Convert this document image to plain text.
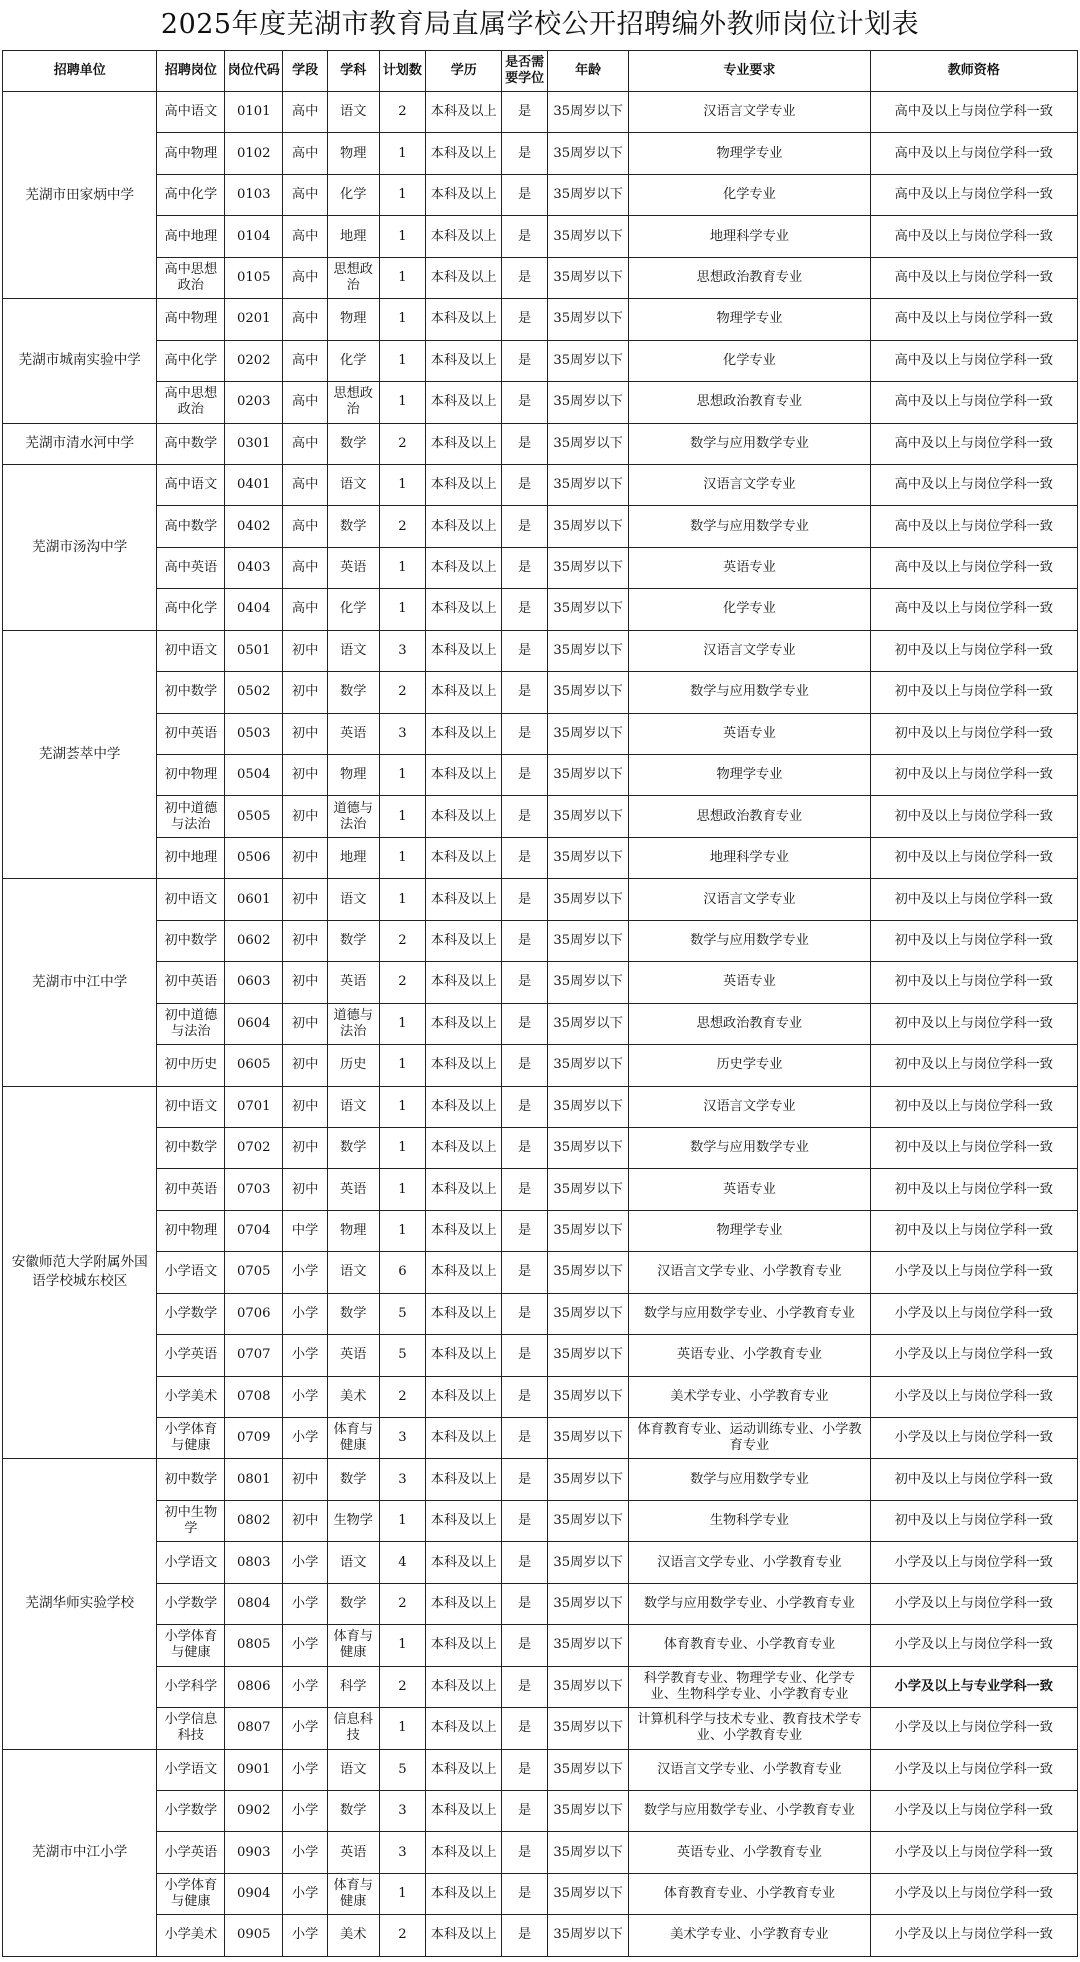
2025年度芜湖市教育局直属学校公开招聘编外教师岗位计划表
招聘单位	招聘岗位	岗位代码	学段	学科	计划数	学历	是否需要学位	年龄	专业要求	教师资格
芜湖市田家炳中学	高中语文	0101	高中	语文	2	本科及以上	是	35周岁以下	汉语言文学专业	高中及以上与岗位学科一致
	高中物理	0102	高中	物理	1	本科及以上	是	35周岁以下	物理学专业	高中及以上与岗位学科一致
	高中化学	0103	高中	化学	1	本科及以上	是	35周岁以下	化学专业	高中及以上与岗位学科一致
	高中地理	0104	高中	地理	1	本科及以上	是	35周岁以下	地理科学专业	高中及以上与岗位学科一致
	高中思想政治	0105	高中	思想政治	1	本科及以上	是	35周岁以下	思想政治教育专业	高中及以上与岗位学科一致
芜湖市城南实验中学	高中物理	0201	高中	物理	1	本科及以上	是	35周岁以下	物理学专业	高中及以上与岗位学科一致
	高中化学	0202	高中	化学	1	本科及以上	是	35周岁以下	化学专业	高中及以上与岗位学科一致
	高中思想政治	0203	高中	思想政治	1	本科及以上	是	35周岁以下	思想政治教育专业	高中及以上与岗位学科一致
芜湖市清水河中学	高中数学	0301	高中	数学	2	本科及以上	是	35周岁以下	数学与应用数学专业	高中及以上与岗位学科一致
芜湖市汤沟中学	高中语文	0401	高中	语文	1	本科及以上	是	35周岁以下	汉语言文学专业	高中及以上与岗位学科一致
	高中数学	0402	高中	数学	2	本科及以上	是	35周岁以下	数学与应用数学专业	高中及以上与岗位学科一致
	高中英语	0403	高中	英语	1	本科及以上	是	35周岁以下	英语专业	高中及以上与岗位学科一致
	高中化学	0404	高中	化学	1	本科及以上	是	35周岁以下	化学专业	高中及以上与岗位学科一致
芜湖荟萃中学	初中语文	0501	初中	语文	3	本科及以上	是	35周岁以下	汉语言文学专业	初中及以上与岗位学科一致
	初中数学	0502	初中	数学	2	本科及以上	是	35周岁以下	数学与应用数学专业	初中及以上与岗位学科一致
	初中英语	0503	初中	英语	3	本科及以上	是	35周岁以下	英语专业	初中及以上与岗位学科一致
	初中物理	0504	初中	物理	1	本科及以上	是	35周岁以下	物理学专业	初中及以上与岗位学科一致
	初中道德与法治	0505	初中	道德与法治	1	本科及以上	是	35周岁以下	思想政治教育专业	初中及以上与岗位学科一致
	初中地理	0506	初中	地理	1	本科及以上	是	35周岁以下	地理科学专业	初中及以上与岗位学科一致
芜湖市中江中学	初中语文	0601	初中	语文	1	本科及以上	是	35周岁以下	汉语言文学专业	初中及以上与岗位学科一致
	初中数学	0602	初中	数学	2	本科及以上	是	35周岁以下	数学与应用数学专业	初中及以上与岗位学科一致
	初中英语	0603	初中	英语	2	本科及以上	是	35周岁以下	英语专业	初中及以上与岗位学科一致
	初中道德与法治	0604	初中	道德与法治	1	本科及以上	是	35周岁以下	思想政治教育专业	初中及以上与岗位学科一致
	初中历史	0605	初中	历史	1	本科及以上	是	35周岁以下	历史学专业	初中及以上与岗位学科一致
安徽师范大学附属外国语学校城东校区	初中语文	0701	初中	语文	1	本科及以上	是	35周岁以下	汉语言文学专业	初中及以上与岗位学科一致
	初中数学	0702	初中	数学	1	本科及以上	是	35周岁以下	数学与应用数学专业	初中及以上与岗位学科一致
	初中英语	0703	初中	英语	1	本科及以上	是	35周岁以下	英语专业	初中及以上与岗位学科一致
	初中物理	0704	中学	物理	1	本科及以上	是	35周岁以下	物理学专业	初中及以上与岗位学科一致
	小学语文	0705	小学	语文	6	本科及以上	是	35周岁以下	汉语言文学专业、小学教育专业	小学及以上与岗位学科一致
	小学数学	0706	小学	数学	5	本科及以上	是	35周岁以下	数学与应用数学专业、小学教育专业	小学及以上与岗位学科一致
	小学英语	0707	小学	英语	5	本科及以上	是	35周岁以下	英语专业、小学教育专业	小学及以上与岗位学科一致
	小学美术	0708	小学	美术	2	本科及以上	是	35周岁以下	美术学专业、小学教育专业	小学及以上与岗位学科一致
	小学体育与健康	0709	小学	体育与健康	3	本科及以上	是	35周岁以下	体育教育专业、运动训练专业、小学教育专业	小学及以上与岗位学科一致
芜湖华师实验学校	初中数学	0801	初中	数学	3	本科及以上	是	35周岁以下	数学与应用数学专业	初中及以上与岗位学科一致
	初中生物学	0802	初中	生物学	1	本科及以上	是	35周岁以下	生物科学专业	初中及以上与岗位学科一致
	小学语文	0803	小学	语文	4	本科及以上	是	35周岁以下	汉语言文学专业、小学教育专业	小学及以上与岗位学科一致
	小学数学	0804	小学	数学	2	本科及以上	是	35周岁以下	数学与应用数学专业、小学教育专业	小学及以上与岗位学科一致
	小学体育与健康	0805	小学	体育与健康	1	本科及以上	是	35周岁以下	体育教育专业、小学教育专业	小学及以上与岗位学科一致
	小学科学	0806	小学	科学	2	本科及以上	是	35周岁以下	科学教育专业、物理学专业、化学专业、生物科学专业、小学教育专业	小学及以上与专业学科一致
	小学信息科技	0807	小学	信息科技	1	本科及以上	是	35周岁以下	计算机科学与技术专业、教育技术学专业、小学教育专业	小学及以上与岗位学科一致
芜湖市中江小学	小学语文	0901	小学	语文	5	本科及以上	是	35周岁以下	汉语言文学专业、小学教育专业	小学及以上与岗位学科一致
	小学数学	0902	小学	数学	3	本科及以上	是	35周岁以下	数学与应用数学专业、小学教育专业	小学及以上与岗位学科一致
	小学英语	0903	小学	英语	3	本科及以上	是	35周岁以下	英语专业、小学教育专业	小学及以上与岗位学科一致
	小学体育与健康	0904	小学	体育与健康	1	本科及以上	是	35周岁以下	体育教育专业、小学教育专业	小学及以上与岗位学科一致
	小学美术	0905	小学	美术	2	本科及以上	是	35周岁以下	美术学专业、小学教育专业	小学及以上与岗位学科一致
